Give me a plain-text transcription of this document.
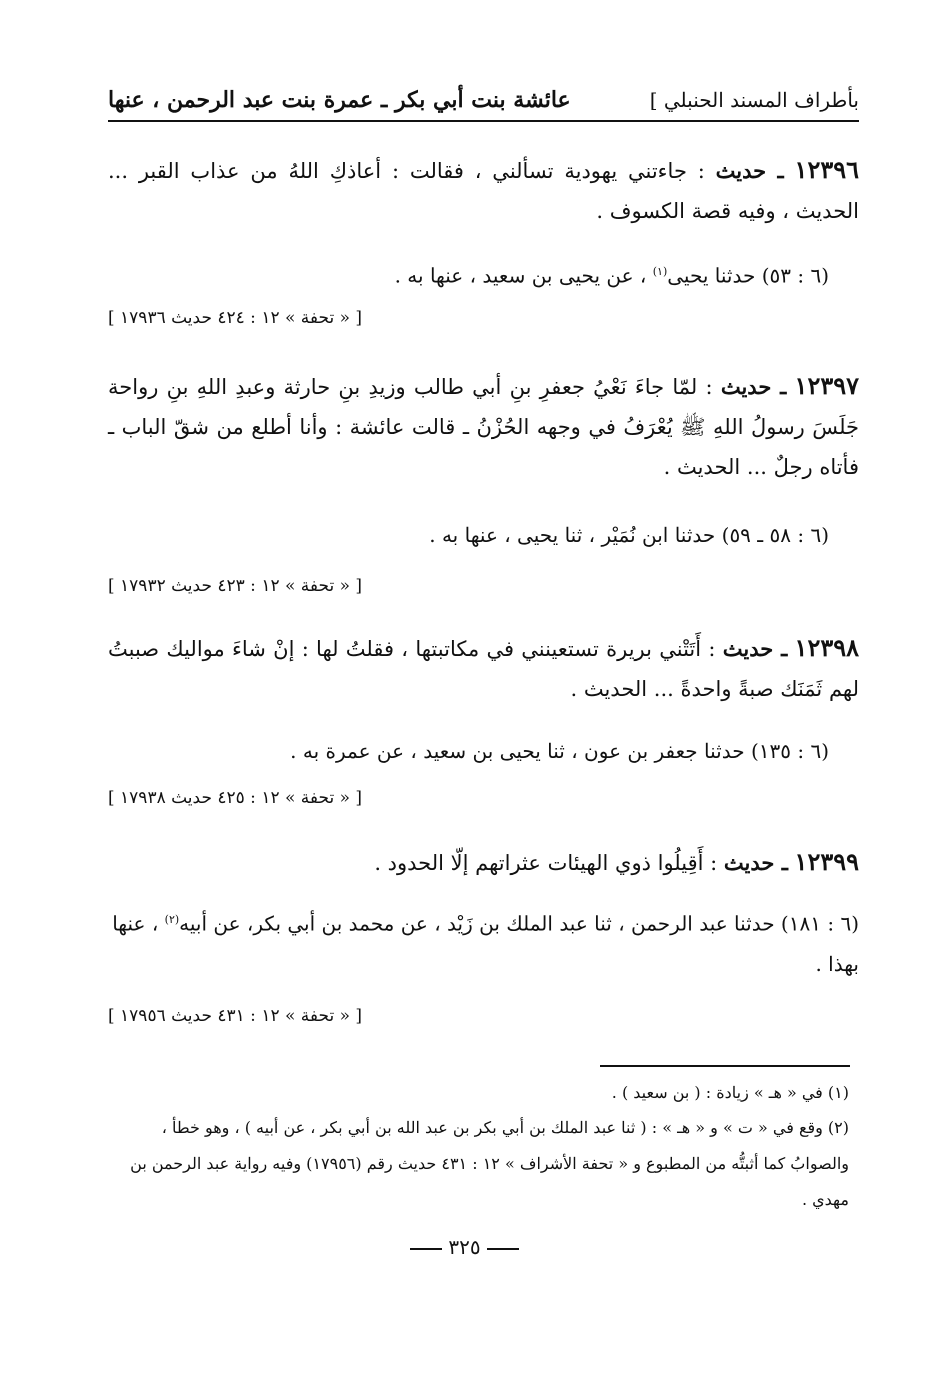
بأطراف المسند الحنبلي ]
عائشة بنت أبي بكر ـ عمرة بنت عبد الرحمن ، عنها
١٢٣٩٦ ـ حديث : جاءتني يهودية تسألني ، فقالت : أعاذكِ اللهُ من عذاب القبر ... الحديث ، وفيه قصة الكسوف .
(٦ : ٥٣) حدثنا يحيى$^{(١)}$ ، عن يحيى بن سعيد ، عنها به .
[ « تحفة » ١٢ : ٤٢٤ حديث ١٧٩٣٦ ]
١٢٣٩٧ ـ حديث : لمّا جاءَ نَعْيُ جعفرِ بنِ أبي طالب وزيدِ بنِ حارثة وعبدِ اللهِ بنِ رواحة جَلَسَ رسولُ اللهِ ﷺ يُعْرَفُ في وجهه الحُزْنُ ـ قالت عائشة : وأنا أطلع من شقّ الباب ـ فأتاه رجلٌ ... الحديث .
(٦ : ٥٨ ـ ٥٩) حدثنا ابن نُمَيْر ، ثنا يحيى ، عنها به .
[ « تحفة » ١٢ : ٤٢٣ حديث ١٧٩٣٢ ]
١٢٣٩٨ ـ حديث : أَتَتْني بريرة تستعينني في مكاتبتها ، فقلتُ لها : إنْ شاءَ مواليك صببتُ لهم ثَمَنَك صبةً واحدةً ... الحديث .
(٦ : ١٣٥) حدثنا جعفر بن عون ، ثنا يحيى بن سعيد ، عن عمرة به .
[ « تحفة » ١٢ : ٤٢٥ حديث ١٧٩٣٨ ]
١٢٣٩٩ ـ حديث : أَقِيلُوا ذوي الهيئات عثراتهم إلّا الحدود .
(٦ : ١٨١) حدثنا عبد الرحمن ، ثنا عبد الملك بن زَيْد ، عن محمد بن أبي بكر، عن أبيه$^{(٢)}$ ، عنها بهذا .
[ « تحفة » ١٢ : ٤٣١ حديث ١٧٩٥٦ ]
(١) في « هـ » زيادة : ( بن سعيد ) .
(٢) وقع في « ت » و « هـ » : ( ثنا عبد الملك بن أبي بكر بن عبد الله بن أبي بكر ، عن أبيه ) ، وهو خطأ ، والصوابُ كما أثبتُّه من المطبوع و « تحفة الأشراف » ١٢ : ٤٣١ حديث رقم (١٧٩٥٦) وفيه رواية عبد الرحمن بن مهدي .
٣٢٥
